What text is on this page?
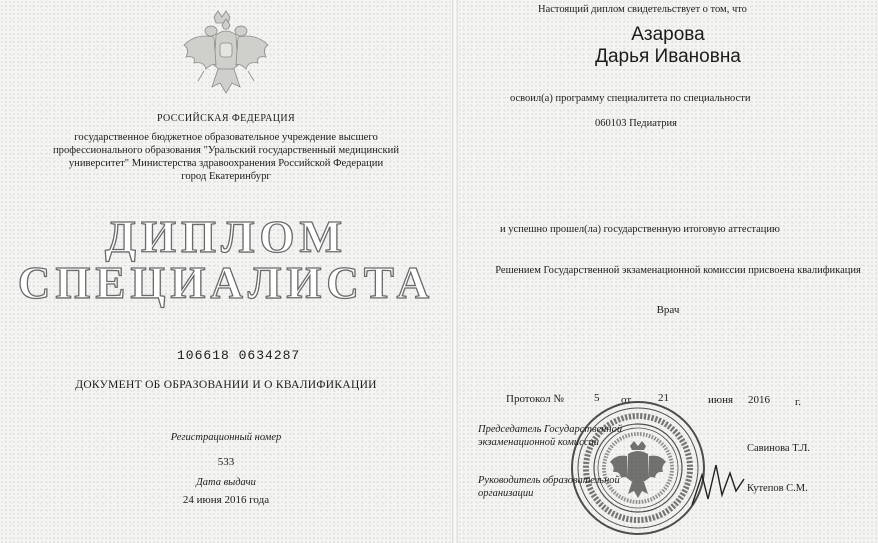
РОССИЙСКАЯ ФЕДЕРАЦИЯ
государственное бюджетное образовательное учреждение высшего профессионального образования "Уральский государственный медицинский университет" Министерства здравоохранения Российской Федерации
город Екатеринбург
ДИПЛОМ
СПЕЦИАЛИСТА
106618 0634287
ДОКУМЕНТ ОБ ОБРАЗОВАНИИ И О КВАЛИФИКАЦИИ
Регистрационный номер
533
Дата выдачи
24 июня 2016 года
Настоящий диплом свидетельствует о том, что
Азарова
Дарья Ивановна
освоил(а) программу специалитета по специальности
060103 Педиатрия
и успешно прошел(ла) государственную итоговую аттестацию
Решением Государственной экзаменационной комиссии присвоена квалификация
Врач
Протокол №	5 от 21	июня 2016 г.
Председатель Государственной экзаменационной комиссии
Савинова Т.Л.
Руководитель образовательной организации	Кутепов С.М.
